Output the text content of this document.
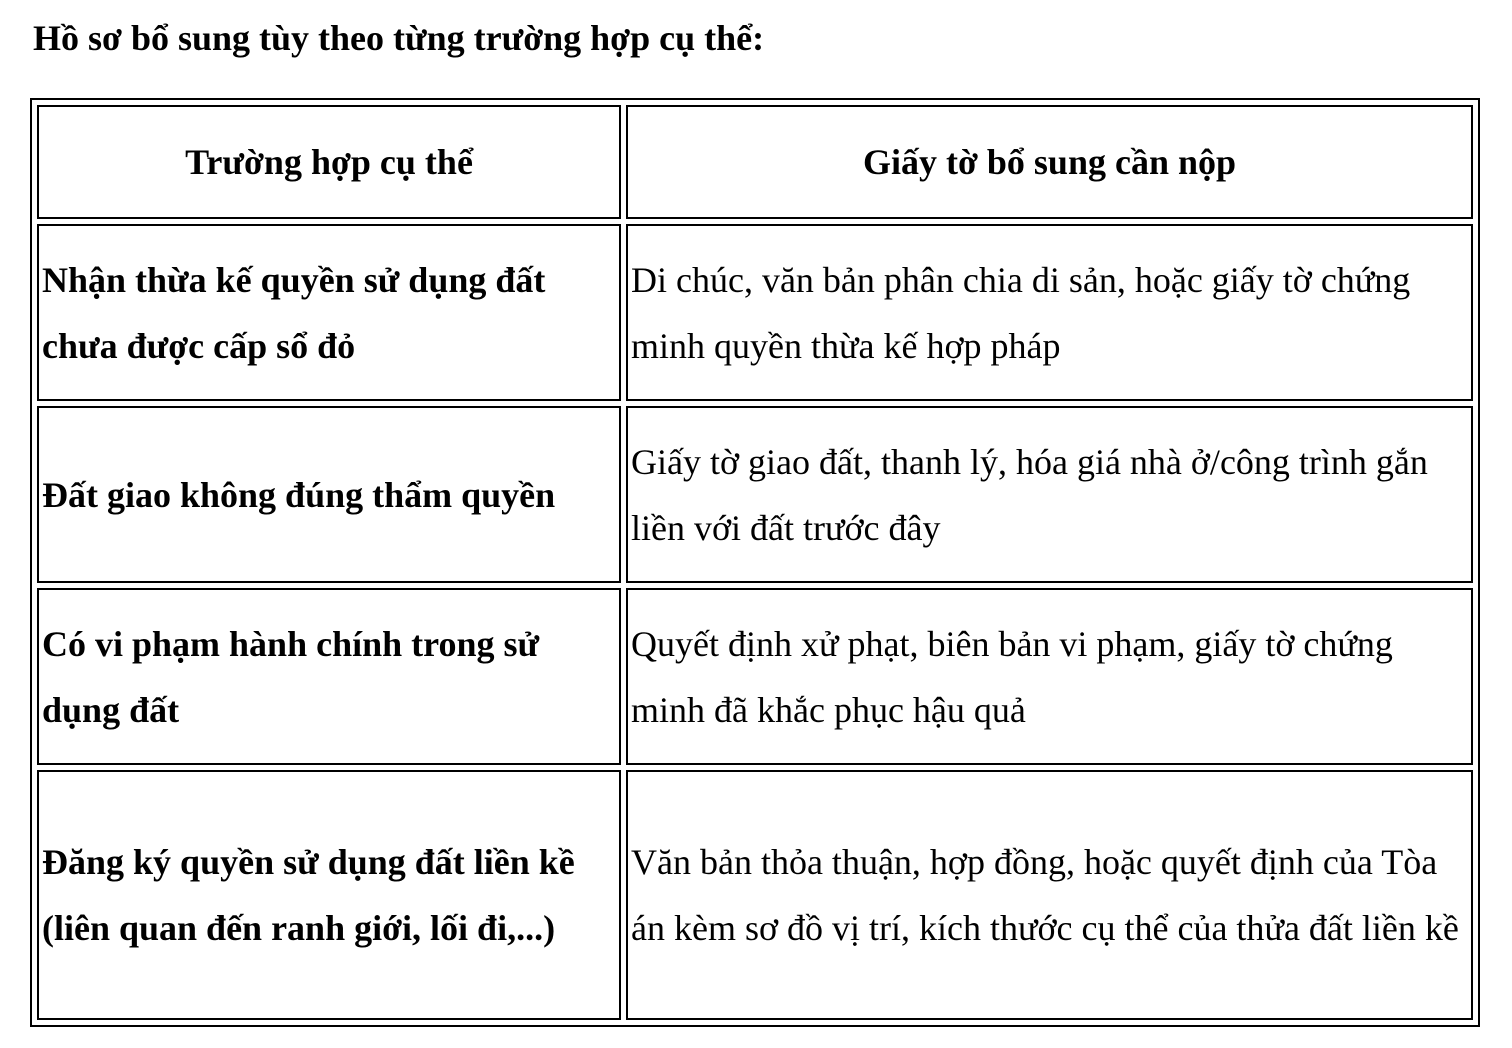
Hồ sơ bổ sung tùy theo từng trường hợp cụ thể:

Trường hợp cụ thể	Giấy tờ bổ sung cần nộp
Nhận thừa kế quyền sử dụng đất chưa được cấp sổ đỏ	Di chúc, văn bản phân chia di sản, hoặc giấy tờ chứng minh quyền thừa kế hợp pháp
Đất giao không đúng thẩm quyền	Giấy tờ giao đất, thanh lý, hóa giá nhà ở/công trình gắn liền với đất trước đây
Có vi phạm hành chính trong sử dụng đất	Quyết định xử phạt, biên bản vi phạm, giấy tờ chứng minh đã khắc phục hậu quả
Đăng ký quyền sử dụng đất liền kề (liên quan đến ranh giới, lối đi,...)	Văn bản thỏa thuận, hợp đồng, hoặc quyết định của Tòa án kèm sơ đồ vị trí, kích thước cụ thể của thửa đất liền kề
